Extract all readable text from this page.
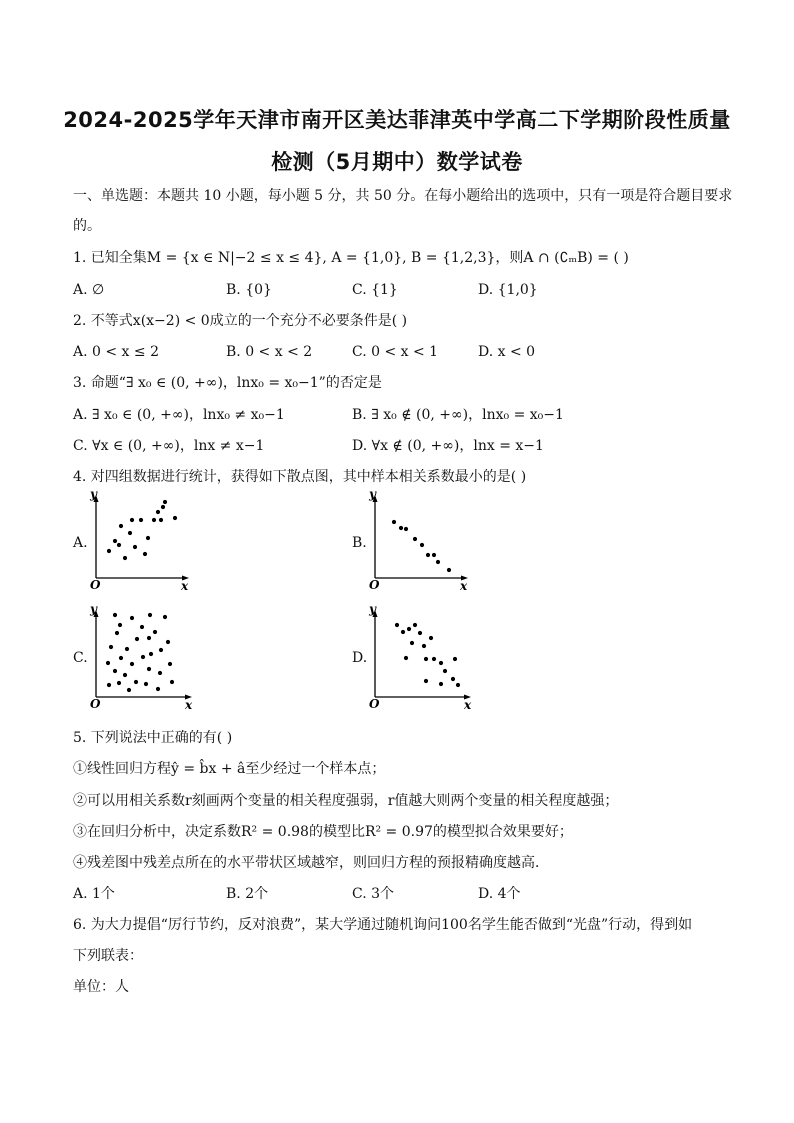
2024-2025学年天津市南开区美达菲津英中学高二下学期阶段性质量
检测（5月期中）数学试卷
一、单选题：本题共 10 小题，每小题 5 分，共 50 分。在每小题给出的选项中，只有一项是符合题目要求
的。
1. 已知全集M = {x ∈ N|−2 ≤ x ≤ 4}, A = {1,0}, B = {1,2,3}，则A ∩ (∁ₘB) = ( )
A. ∅	B. {0}	C. {1}	D. {1,0}
2. 不等式x(x−2) < 0成立的一个充分不必要条件是( )
A. 0 < x ≤ 2	B. 0 < x < 2	C. 0 < x < 1	D. x < 0
3. 命题“∃ x₀ ∈ (0, +∞)，lnx₀ = x₀−1”的否定是
A. ∃ x₀ ∈ (0, +∞)，lnx₀ ≠ x₀−1	B. ∃ x₀ ∉ (0, +∞)，lnx₀ = x₀−1
C. ∀x ∈ (0, +∞)，lnx ≠ x−1	D. ∀x ∉ (0, +∞)，lnx = x−1
4. 对四组数据进行统计，获得如下散点图，其中样本相关系数最小的是( )
A.	B.
C.	D.
y
x
O
y
x
O
y
x
O
y
x
O
5. 下列说法中正确的有( )
①线性回归方程ŷ = b̂x + â至少经过一个样本点；
②可以用相关系数r刻画两个变量的相关程度强弱，r值越大则两个变量的相关程度越强；
③在回归分析中，决定系数R² = 0.98的模型比R² = 0.97的模型拟合效果要好；
④残差图中残差点所在的水平带状区域越窄，则回归方程的预报精确度越高．
A. 1个	B. 2个	C. 3个	D. 4个
6. 为大力提倡“厉行节约，反对浪费”，某大学通过随机询问100名学生能否做到“光盘”行动，得到如
下列联表：
单位：人
